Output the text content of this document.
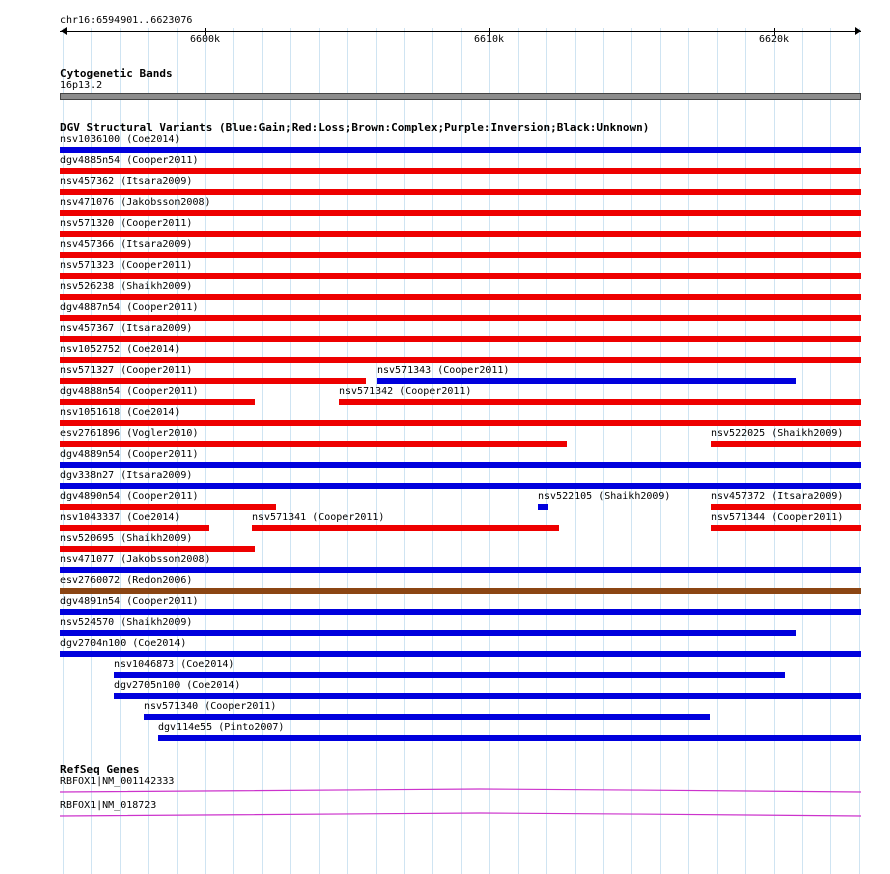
chr16:6594901..6623076
6600k	6610k	6620k
Cytogenetic Bands
16p13.2
DGV Structural Variants (Blue:Gain;Red:Loss;Brown:Complex;Purple:Inversion;Black:Unknown)
nsv1036100 (Coe2014)
dgv4885n54 (Cooper2011)
nsv457362 (Itsara2009)
nsv471076 (Jakobsson2008)
nsv571320 (Cooper2011)
nsv457366 (Itsara2009)
nsv571323 (Cooper2011)
nsv526238 (Shaikh2009)
dgv4887n54 (Cooper2011)
nsv457367 (Itsara2009)
nsv1052752 (Coe2014)
nsv571327 (Cooper2011)	nsv571343 (Cooper2011)
dgv4888n54 (Cooper2011)	nsv571342 (Cooper2011)
nsv1051618 (Coe2014)
esv2761896 (Vogler2010)	nsv522025 (Shaikh2009)
dgv4889n54 (Cooper2011)
dgv338n27 (Itsara2009)
dgv4890n54 (Cooper2011)	nsv522105 (Shaikh2009)	nsv457372 (Itsara2009)
nsv1043337 (Coe2014)	nsv571341 (Cooper2011)	nsv571344 (Cooper2011)
nsv520695 (Shaikh2009)
nsv471077 (Jakobsson2008)
esv2760072 (Redon2006)
dgv4891n54 (Cooper2011)
nsv524570 (Shaikh2009)
dgv2704n100 (Coe2014)
nsv1046873 (Coe2014)
dgv2705n100 (Coe2014)
nsv571340 (Cooper2011)
dgv114e55 (Pinto2007)
RefSeq Genes
RBFOX1|NM_001142333
RBFOX1|NM_018723
